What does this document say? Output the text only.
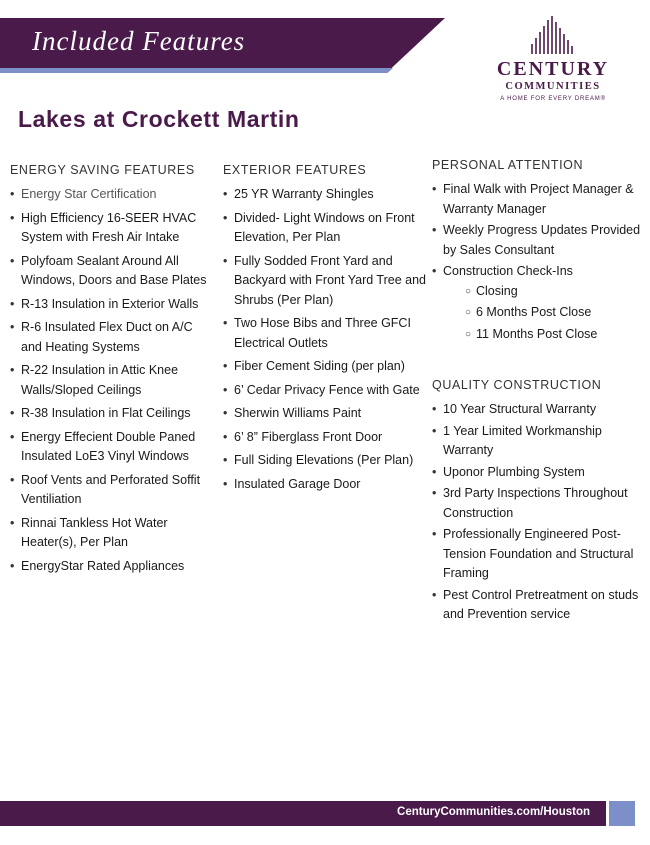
Included Features
CENTURY
COMMUNITIES
A HOME FOR EVERY DREAM®
Lakes at Crockett Martin
ENERGY SAVING FEATURES
• Energy Star Certification
• High Efficiency 16-SEER HVAC System with Fresh Air Intake
• Polyfoam Sealant Around All Windows, Doors and Base Plates
• R-13 Insulation in Exterior Walls
• R-6 Insulated Flex Duct on A/C and Heating Systems
• R-22 Insulation in Attic Knee Walls/Sloped Ceilings
• R-38 Insulation in Flat Ceilings
• Energy Effecient Double Paned Insulated LoE3 Vinyl Windows
• Roof Vents and Perforated Soffit Ventiliation
• Rinnai Tankless Hot Water Heater(s), Per Plan
• EnergyStar Rated Appliances
EXTERIOR FEATURES
• 25 YR Warranty Shingles
• Divided- Light Windows on Front Elevation, Per Plan
• Fully Sodded Front Yard and Backyard with Front Yard Tree and Shrubs (Per Plan)
• Two Hose Bibs and Three GFCI Electrical Outlets
• Fiber Cement Siding (per plan)
• 6’ Cedar Privacy Fence with Gate
• Sherwin Williams Paint
• 6’ 8” Fiberglass Front Door
• Full Siding Elevations (Per Plan)
• Insulated Garage Door
PERSONAL ATTENTION
• Final Walk with Project Manager & Warranty Manager
• Weekly Progress Updates Provided by Sales Consultant
• Construction Check-Ins
○ Closing
○ 6 Months Post Close
○ 11 Months Post Close
QUALITY CONSTRUCTION
• 10 Year Structural Warranty
• 1 Year Limited Workmanship Warranty
• Uponor Plumbing System
• 3rd Party Inspections Throughout Construction
• Professionally Engineered Post-Tension Foundation and Structural Framing
• Pest Control Pretreatment on studs and Prevention service
CenturyCommunities.com/Houston
